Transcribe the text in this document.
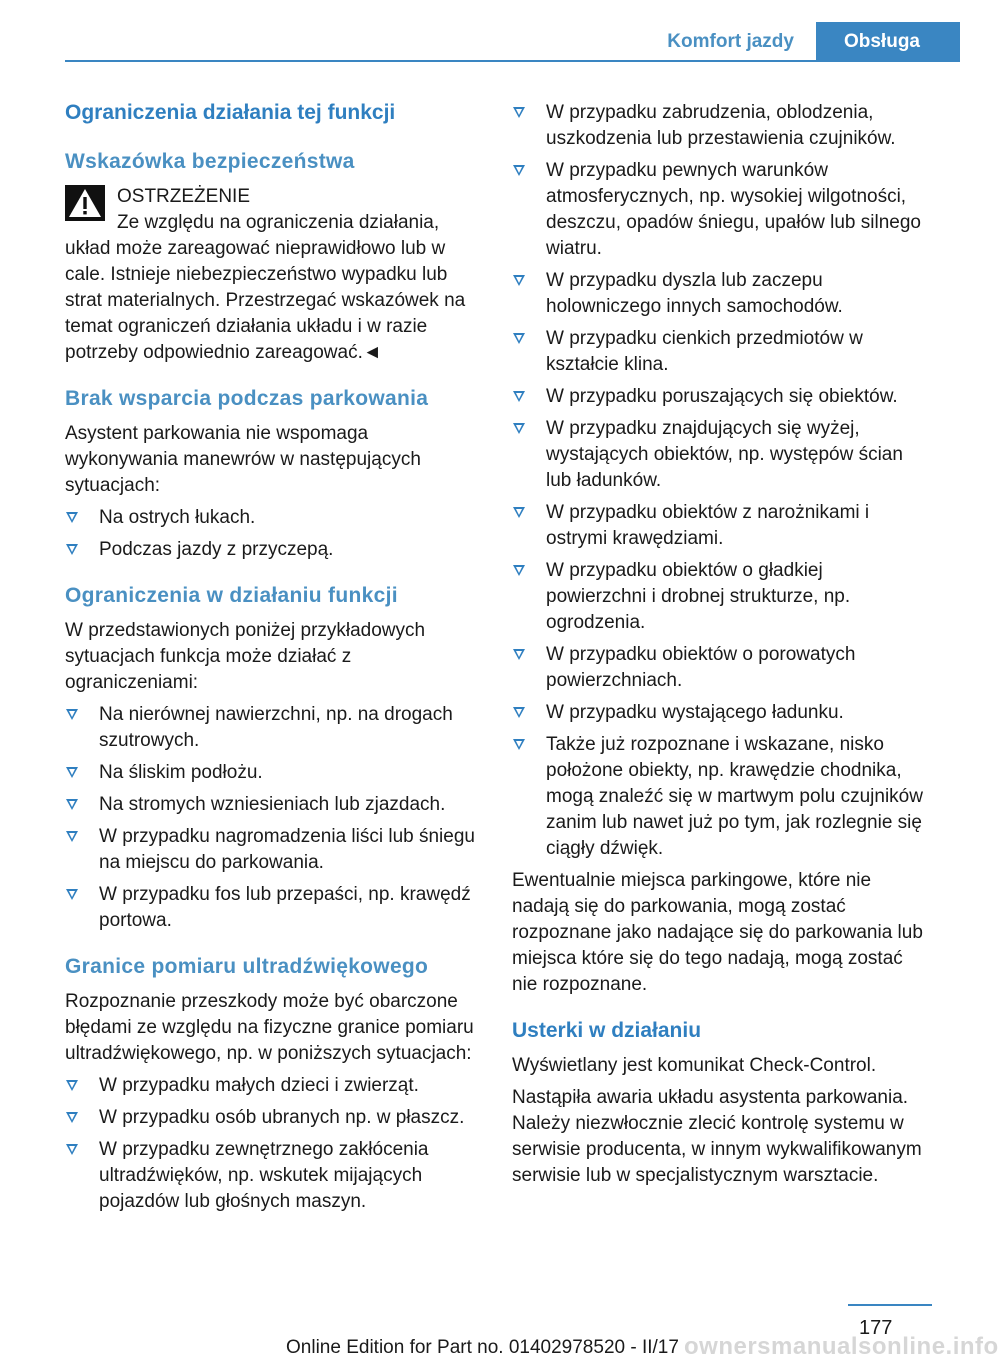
Komfort jazdy	Obsługa
Ograniczenia działania tej funkcji
Wskazówka bezpieczeństwa
OSTRZEŻENIE
Ze względu na ograniczenia działania,
układ może zareagować nieprawidłowo lub w cale. Istnieje niebezpieczeństwo wypadku lub strat materialnych. Przestrzegać wskazówek na temat ograniczeń działania układu i w razie potrzeby odpowiednio zareagować.◄
Brak wsparcia podczas parkowania

Asystent parkowania nie wspomaga wykonywania manewrów w następujących sytuacjach:

Na ostrych łukach.
Podczas jazdy z przyczepą.
Ograniczenia w działaniu funkcji

W przedstawionych poniżej przykładowych sytuacjach funkcja może działać z ograniczeniami:

Na nierównej nawierzchni, np. na drogach szutrowych.
Na śliskim podłożu.
Na stromych wzniesieniach lub zjazdach.
W przypadku nagromadzenia liści lub śniegu na miejscu do parkowania.
W przypadku fos lub przepaści, np. krawędź portowa.
Granice pomiaru ultradźwiękowego

Rozpoznanie przeszkody może być obarczone błędami ze względu na fizyczne granice pomiaru ultradźwiękowego, np. w poniższych sytuacjach:

W przypadku małych dzieci i zwierząt.
W przypadku osób ubranych np. w płaszcz.
W przypadku zewnętrznego zakłócenia ultradźwięków, np. wskutek mijających pojazdów lub głośnych maszyn.
W przypadku zabrudzenia, oblodzenia, uszkodzenia lub przestawienia czujników.
W przypadku pewnych warunków atmosferycznych, np. wysokiej wilgotności, deszczu, opadów śniegu, upałów lub silnego wiatru.
W przypadku dyszla lub zaczepu holowniczego innych samochodów.
W przypadku cienkich przedmiotów w kształcie klina.
W przypadku poruszających się obiektów.
W przypadku znajdujących się wyżej, wystających obiektów, np. występów ścian lub ładunków.
W przypadku obiektów z narożnikami i ostrymi krawędziami.
W przypadku obiektów o gładkiej powierzchni i drobnej strukturze, np. ogrodzenia.
W przypadku obiektów o porowatych powierzchniach.
W przypadku wystającego ładunku.
Także już rozpoznane i wskazane, nisko położone obiekty, np. krawędzie chodnika, mogą znaleźć się w martwym polu czujników zanim lub nawet już po tym, jak rozlegnie się ciągły dźwięk.

Ewentualnie miejsca parkingowe, które nie nadają się do parkowania, mogą zostać rozpoznane jako nadające się do parkowania lub miejsca które się do tego nadają, mogą zostać nie rozpoznane.

Usterki w działaniu

Wyświetlany jest komunikat Check-Control.

Nastąpiła awaria układu asystenta parkowania. Należy niezwłocznie zlecić kontrolę systemu w serwisie producenta, w innym wykwalifikowanym serwisie lub w specjalistycznym warsztacie.

177
Online Edition for Part no. 01402978520 - II/17 ownersmanualsonline.info
